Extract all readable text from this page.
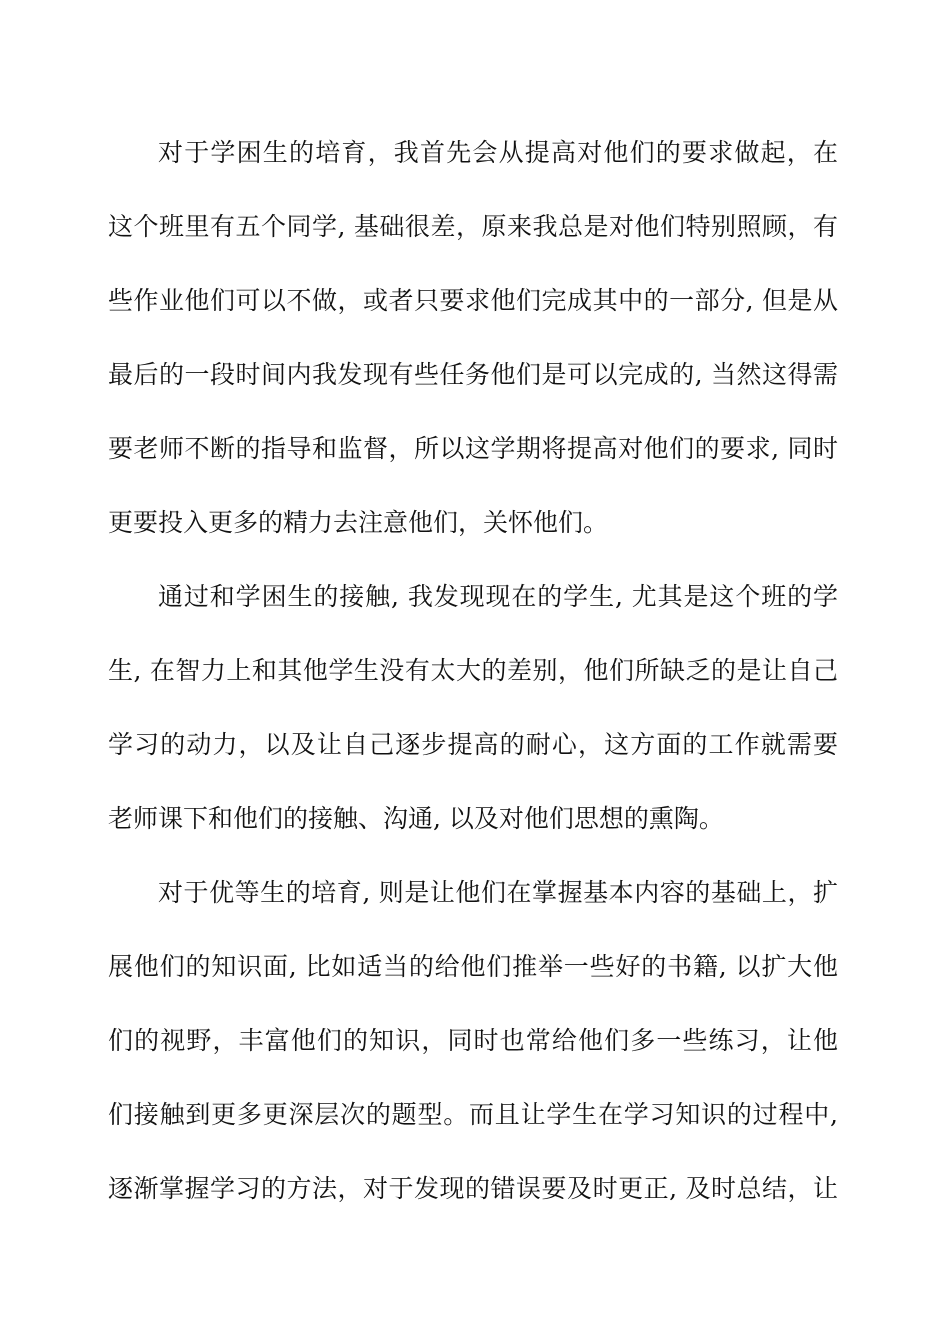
对于学困生的培育，我首先会从提高对他们的要求做起，在
这个班里有五个同学, 基础很差，原来我总是对他们特别照顾，有
些作业他们可以不做，或者只要求他们完成其中的一部分, 但是从
最后的一段时间内我发现有些任务他们是可以完成的, 当然这得需
要老师不断的指导和监督，所以这学期将提高对他们的要求, 同时
更要投入更多的精力去注意他们，关怀他们。
通过和学困生的接触, 我发现现在的学生, 尤其是这个班的学
生, 在智力上和其他学生没有太大的差别，他们所缺乏的是让自己
学习的动力，以及让自己逐步提高的耐心，这方面的工作就需要
老师课下和他们的接触、沟通, 以及对他们思想的熏陶。
对于优等生的培育, 则是让他们在掌握基本内容的基础上，扩
展他们的知识面, 比如适当的给他们推举一些好的书籍, 以扩大他
们的视野，丰富他们的知识，同时也常给他们多一些练习，让他
们接触到更多更深层次的题型。而且让学生在学习知识的过程中,
逐渐掌握学习的方法，对于发现的错误要及时更正, 及时总结，让
